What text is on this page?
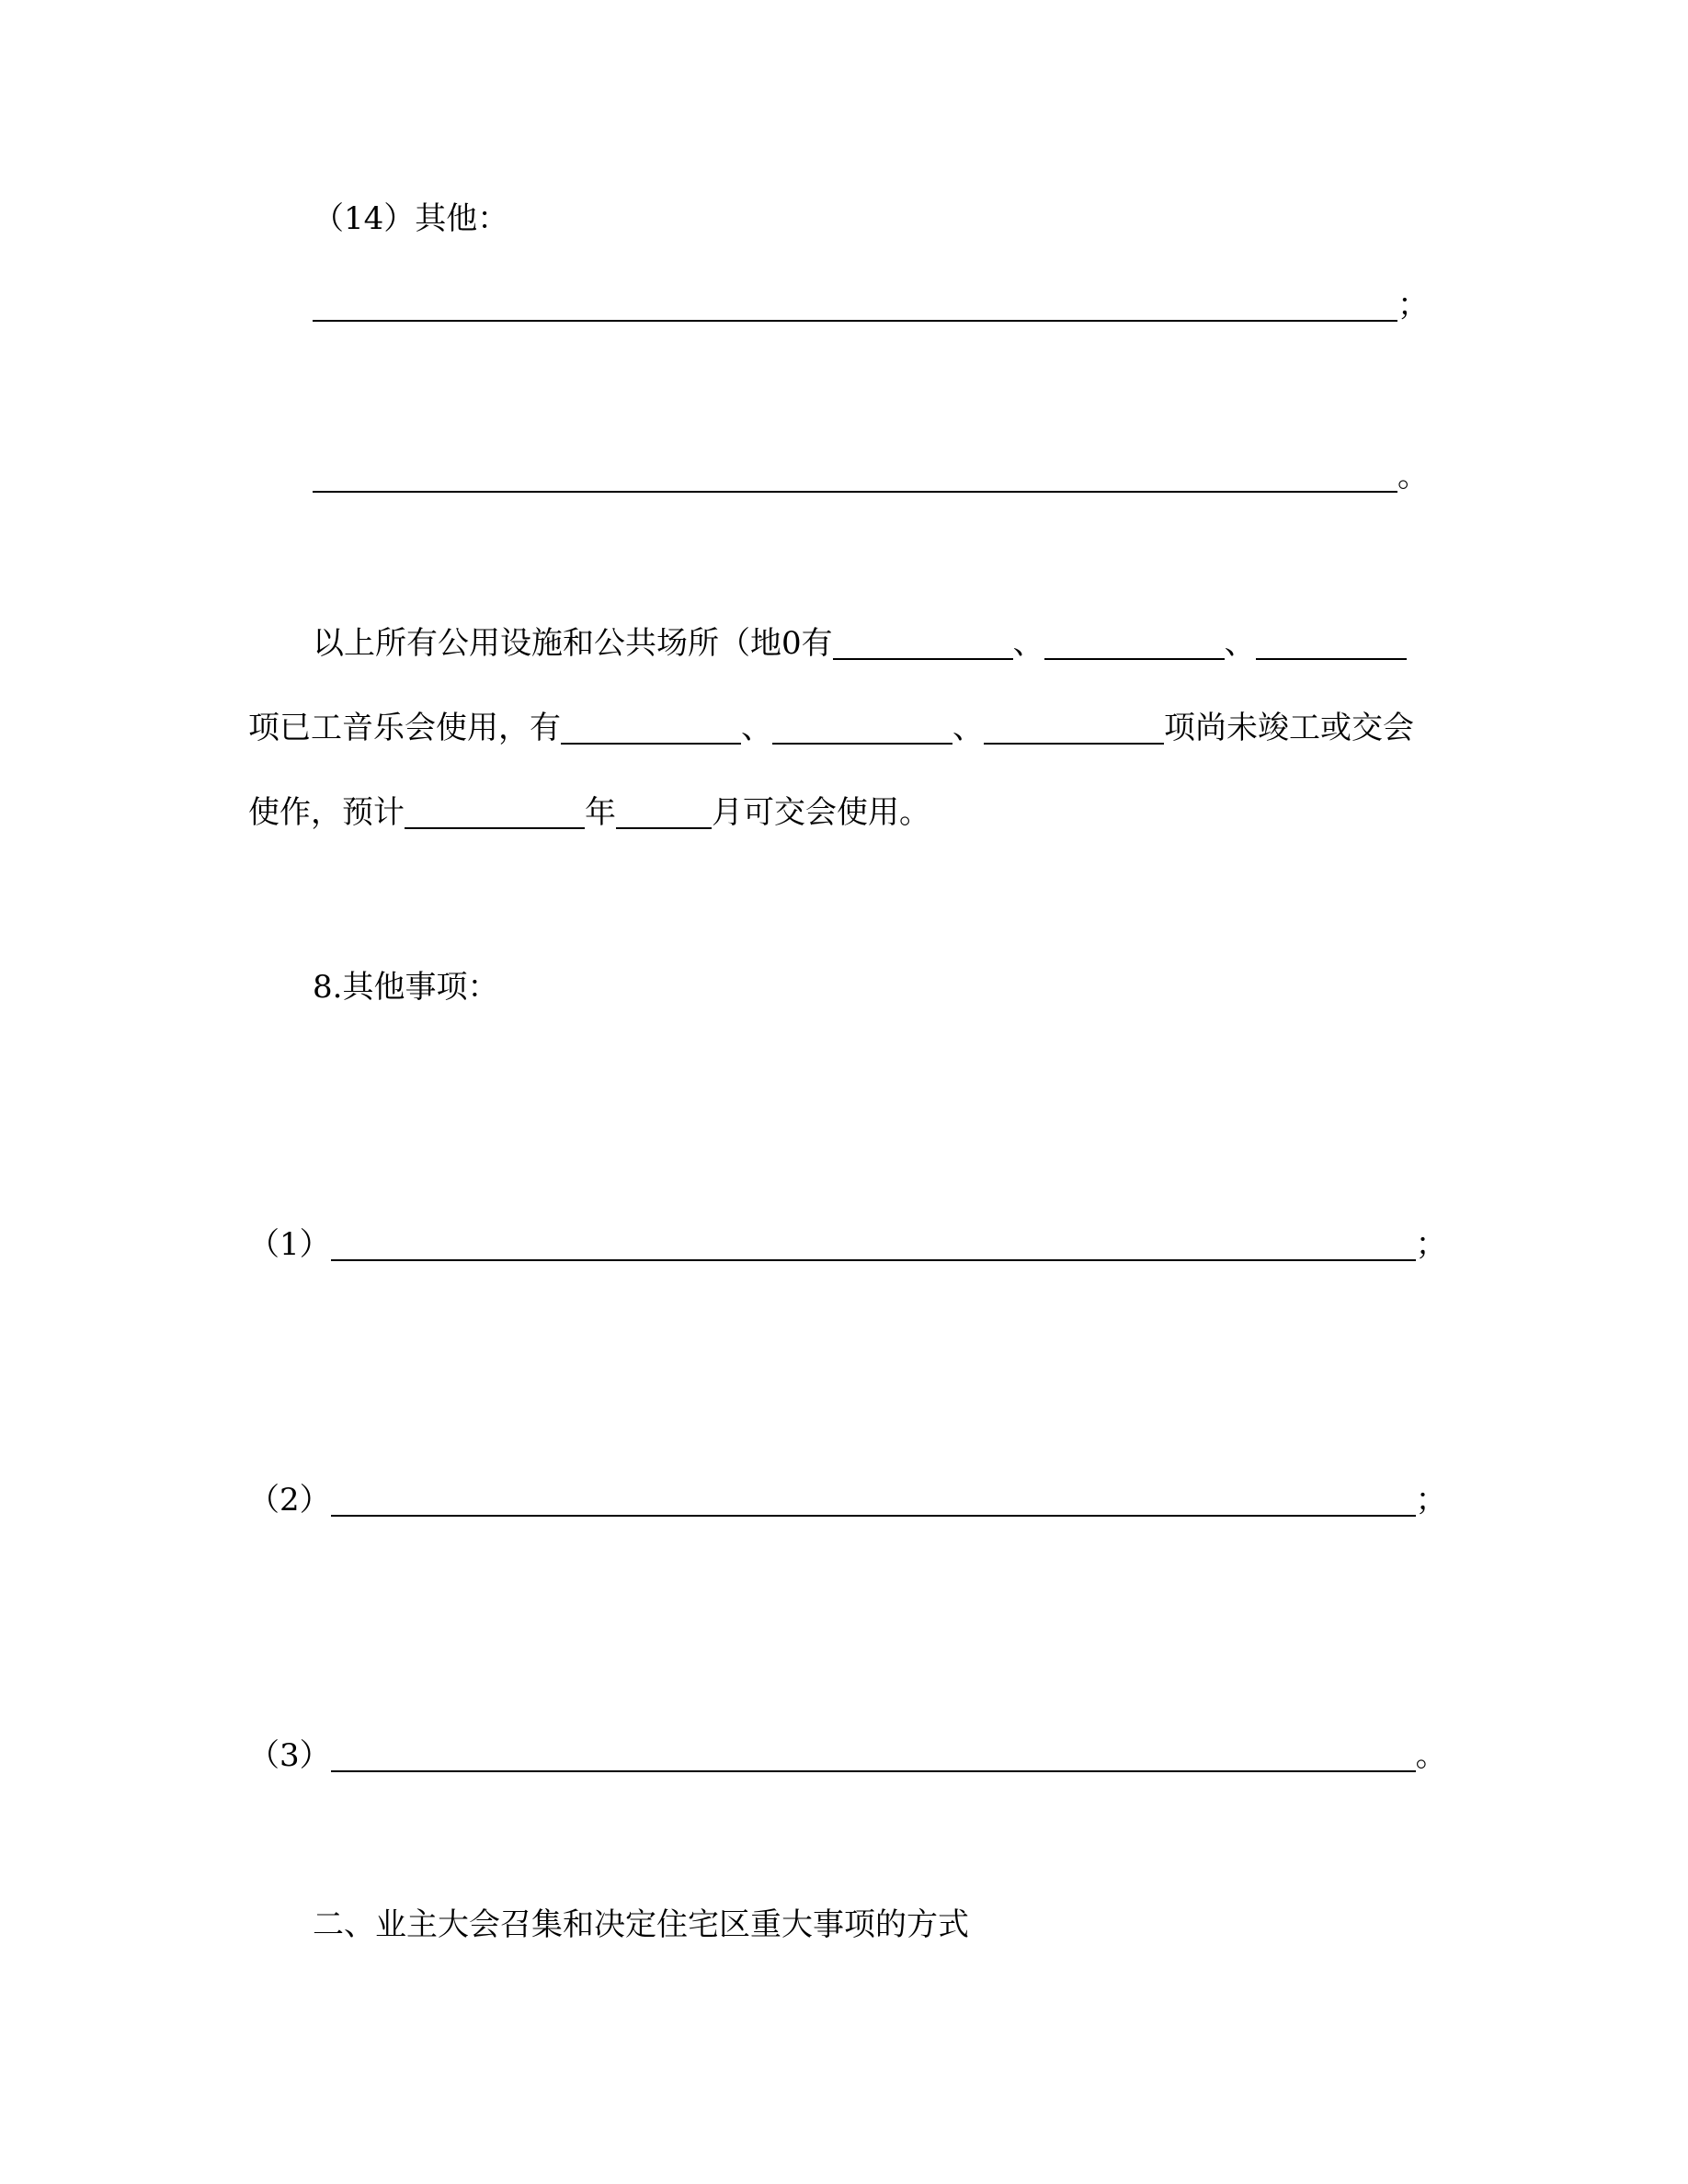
（14）其他：
；
。
以上所有公用设施和公共场所（地0有	、	、
项已工音乐会使用，有	、	、	项尚未竣工或交会
使作，预计	年	月可交会使用。
8.其他事项：
（1）	；
（2）	；
（3）	。
二、业主大会召集和决定住宅区重大事项的方式
